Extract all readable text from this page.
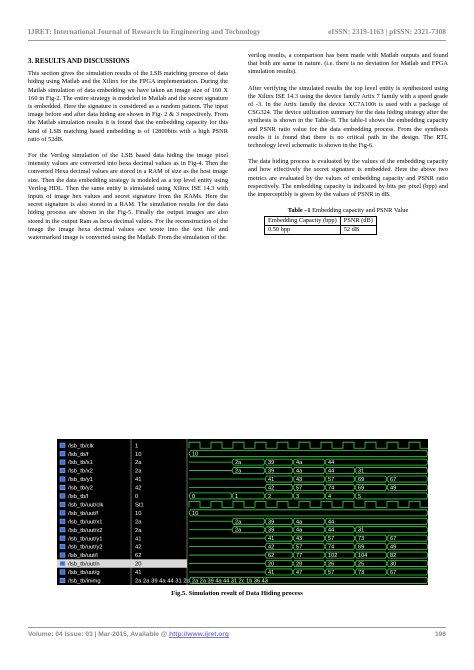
IJRET: International Journal of Research in Engineering and Technology	eISSN: 2319-1163 | pISSN: 2321-7308

3. RESULTS AND DISCUSSIONS

This section gives the simulation results of the LSB matching process of data hiding using Matlab and the Xilinx for the FPGA implementation. During the Matlab simulation of data embedding we have taken an image size of 160 X 160 in Fig-2. The entire strategy is modeled in Matlab and the secret signature is embedded. Here the signature is considered as a random pattern. The input image before and after data hiding are shown in Fig- 2 & 3 respectively. From the Matlab simulation results it is found that the embedding capacity for this kind of LSB matching based embedding is of 12800bits with a high PSNR ratio of 52dB.

For the Verilog simulation of the LSB based data hiding the image pixel intensity values are converted into hexa decimal values as in Fig-4. Then the converted Hexa decimal values are stored in a RAM of size as the host image size. Then the data embedding strategy is modeled as a top level entity using Verilog HDL. Then the same entity is simulated using Xilinx ISE 14.3 with inputs of image hex values and secret signature from the RAMs. Here the secret signature is also stored in a RAM. The simulation results for the data hiding process are shown in the Fig-5. Finally the output images are also stored in the output Ram as hexa decimal values. For the reconstruction of the image the image hexa decimal values are wrote into the text file and watermarked image is converted using the Matlab. From the simulation of the

verilog results, a comparison has been made with Matlab outputs and found that both are same in nature. (i.e. there is no deviation for Matlab and FPGA simulation results).

After verifying the simulated results the top level entity is synthesized using the Xilinx ISE 14.3 using the device family Artix 7 family with a speed grade of -3. In the Artix family the device XC7A100t is used with a package of CSG324. The device utilization summary for the data hiding strategy after the synthesis is shown in the Table-II. The table-I shows the embedding capacity and PSNR ratio value for the data embedding process. From the synthesis results it is found that there is no critical path in the design. The RTL technology level schematic is shown in the Fig-6.

The data hiding process is evaluated by the values of the embedding capacity and how effectively the secret signature is embedded. Here the above two metrics are evaluated by the values of embedding capacity and PSNR ratio respectively. The embedding capacity is indicated by bits per pixel (bpp) and the imperceptibly is given by the values of PSNR in dB.

Table –1 Embedding capacity and PSNR Value
Embedding Capacity (bpp)	PSNR (dB)
0.50 bpp	52 dB
/lsb_tb/clk	1
/lsb_tb/f	10
/lsb_tb/x1	2a
/lsb_tb/x2	2a
/lsb_tb/y1	41
/lsb_tb/y2	42
/lsb_tb/l	0
/lsb_tb/uut/clk	St1
/lsb_tb/uut/f	10
/lsb_tb/uut/x1	2a
/lsb_tb/uut/x2	2a
/lsb_tb/uut/y1	41
/lsb_tb/uut/y2	42
/lsb_tb/uut/l	62
/lsb_tb/uut/n	20
/lsb_tb/uut/g	41
/lsb_tb/inimg	2a 2a 39 4a 44 31 2c
10
2a	39	4a	44
2a	39	4a	44	31
41	43	57	69	67
42	57	74	69	49
0	1	2	3	4	5
10
2a	39	4a	44
2a	39	4a	44	31
41	43	57	73	67
42	57	74	69	49
62	77	102	104	82
20	28	26	25	30
41	47	57	73	67
2a 2a 39 4a 44 31 2c 1b 36 43
Fig.5. Simulation result of Data Hiding process
Volume: 04 Issue: 03 | Mar-2015, Available @ http://www.ijret.org	196
